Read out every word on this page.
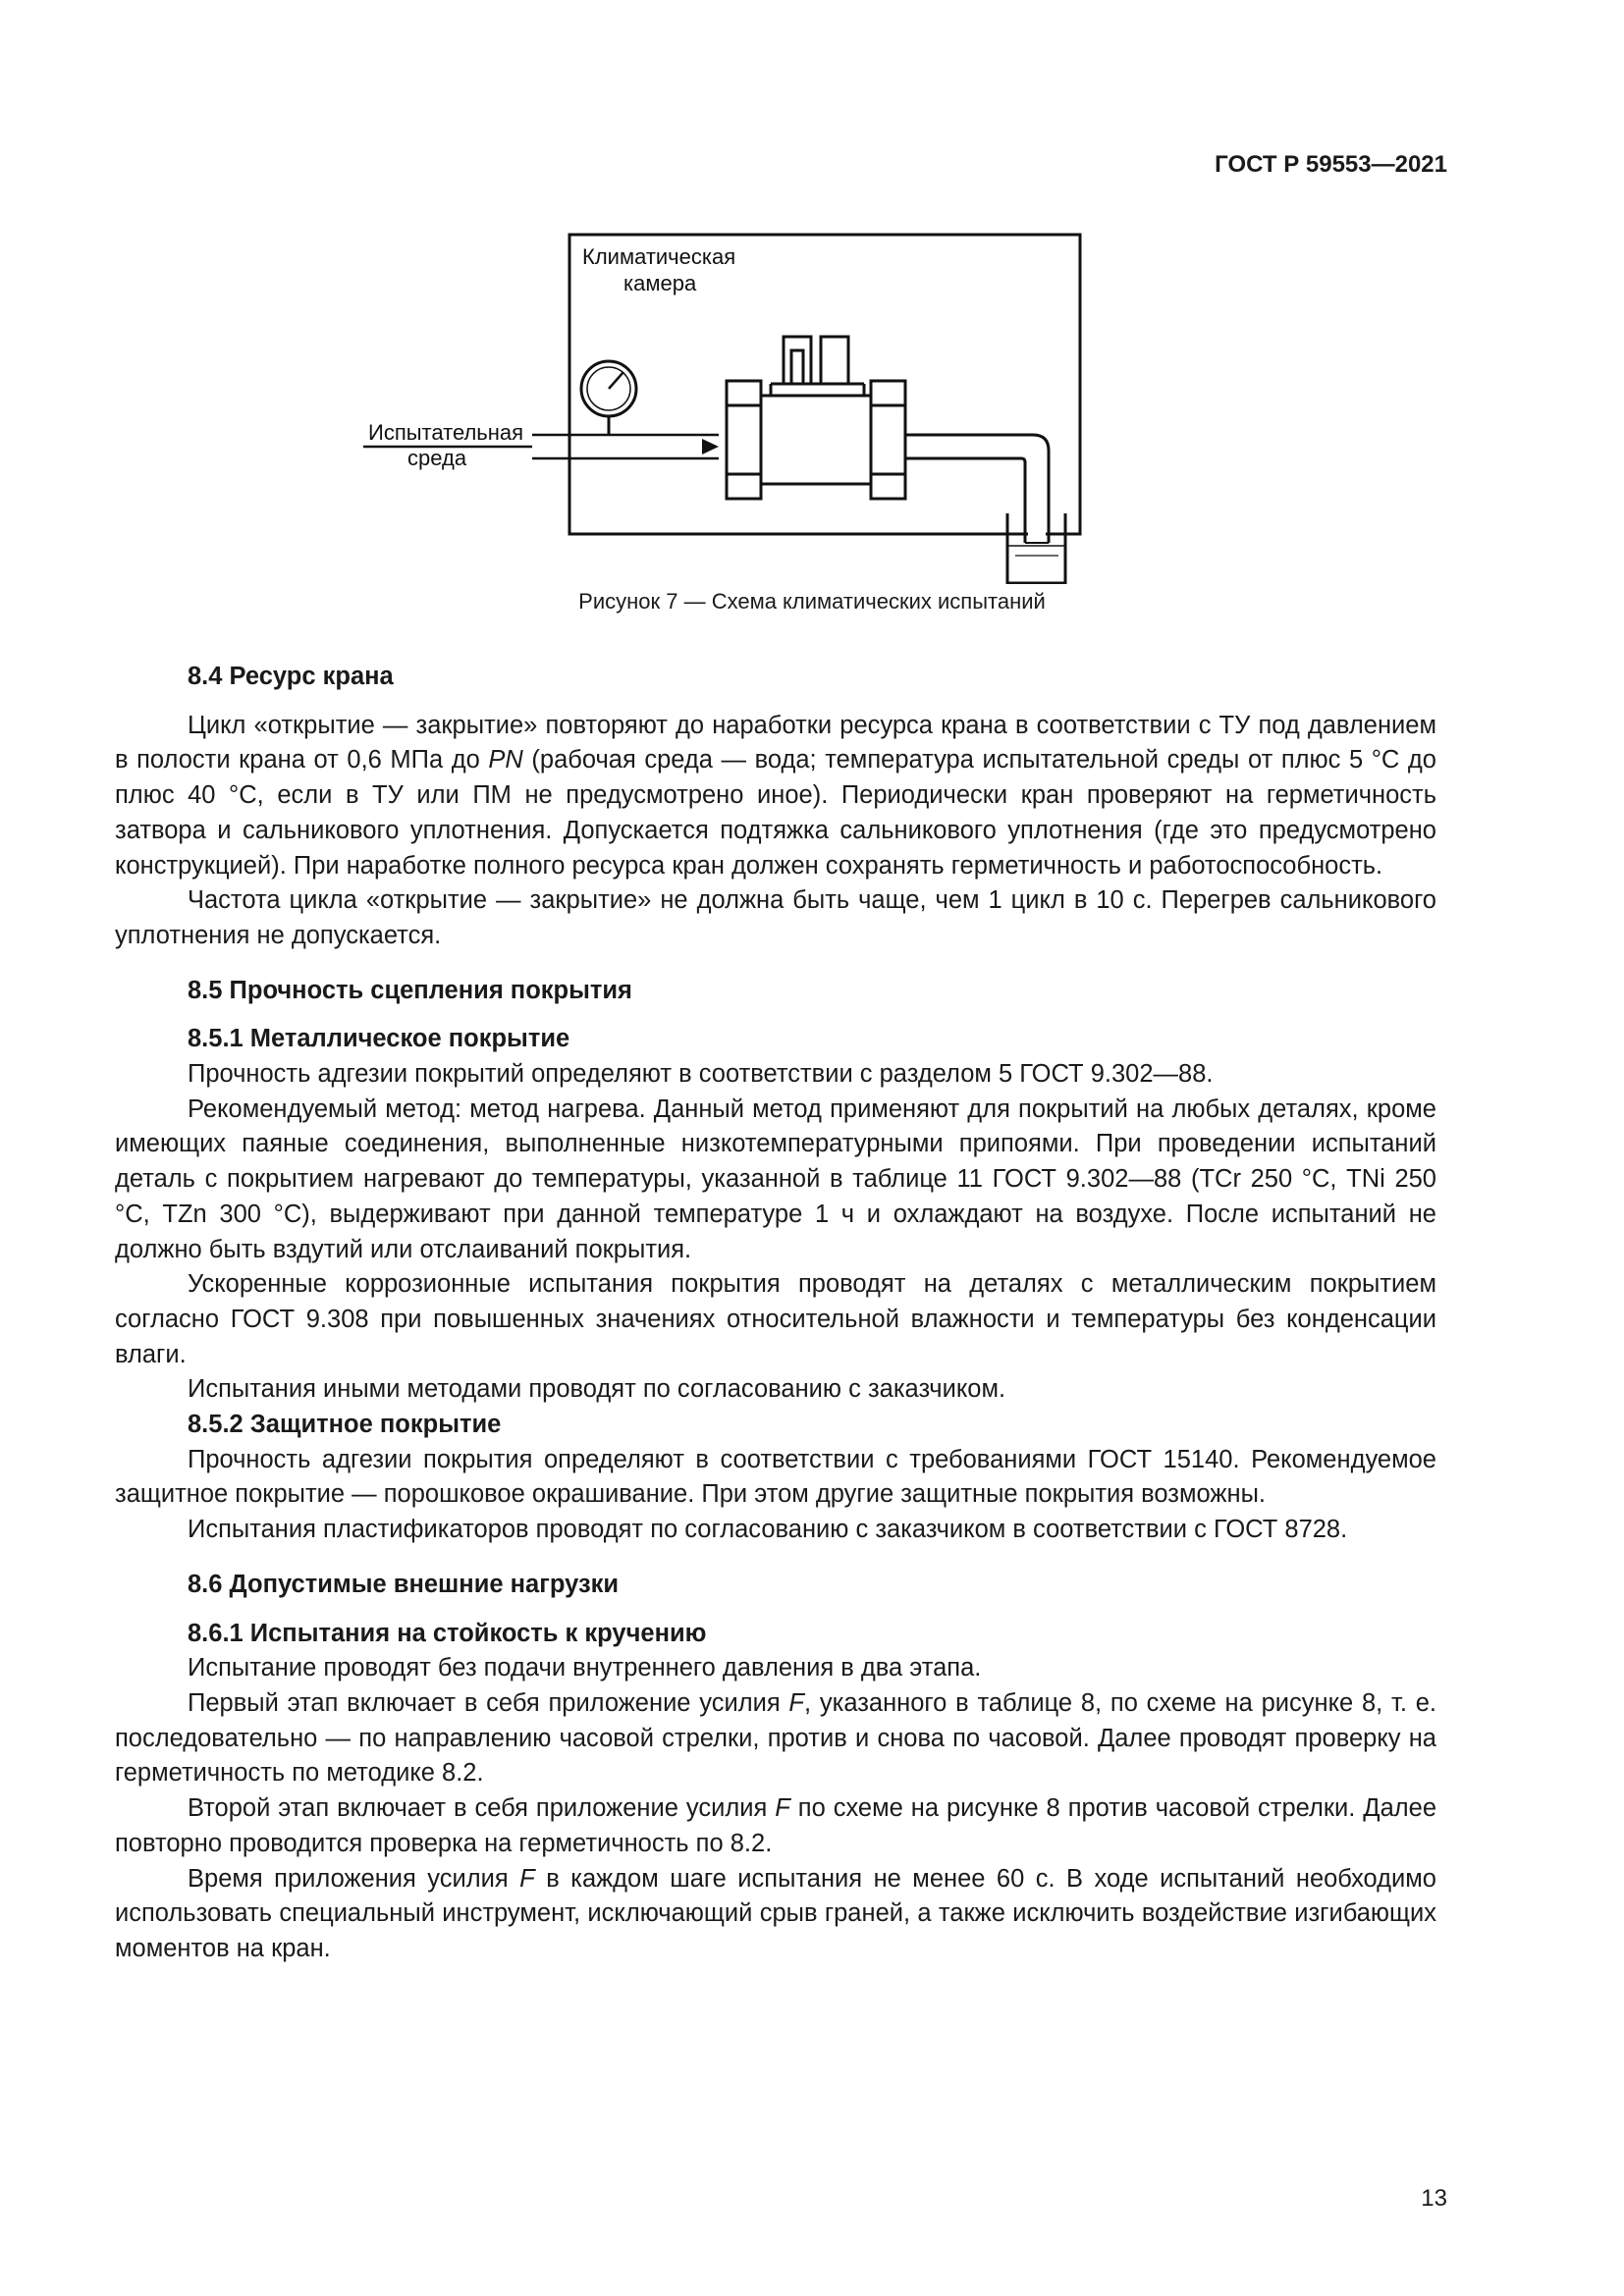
ГОСТ Р 59553—2021
Климатическая
камера
Испытательная
среда
Рисунок 7 — Схема климатических испытаний
8.4 Ресурс крана

Цикл «открытие — закрытие» повторяют до наработки ресурса крана в соответствии с ТУ под давлением в полости крана от 0,6 МПа до PN (рабочая среда — вода; температура испытательной среды от плюс 5 °С до плюс 40 °С, если в ТУ или ПМ не предусмотрено иное). Периодически кран проверяют на герметичность затвора и сальникового уплотнения. Допускается подтяжка сальникового уплотнения (где это предусмотрено конструкцией). При наработке полного ресурса кран должен сохранять герметичность и работоспособность.

Частота цикла «открытие — закрытие» не должна быть чаще, чем 1 цикл в 10 с. Перегрев сальникового уплотнения не допускается.

8.5 Прочность сцепления покрытия
8.5.1 Металлическое покрытие

Прочность адгезии покрытий определяют в соответствии с разделом 5 ГОСТ 9.302—88.

Рекомендуемый метод: метод нагрева. Данный метод применяют для покрытий на любых деталях, кроме имеющих паяные соединения, выполненные низкотемпературными припоями. При проведении испытаний деталь с покрытием нагревают до температуры, указанной в таблице 11 ГОСТ 9.302—88 (ТCr 250 °С, ТNi 250 °С, ТZn 300 °С), выдерживают при данной температуре 1 ч и охлаждают на воздухе. После испытаний не должно быть вздутий или отслаиваний покрытия.

Ускоренные коррозионные испытания покрытия проводят на деталях с металлическим покрытием согласно ГОСТ 9.308 при повышенных значениях относительной влажности и температуры без конденсации влаги.

Испытания иными методами проводят по согласованию с заказчиком.

8.5.2 Защитное покрытие

Прочность адгезии покрытия определяют в соответствии с требованиями ГОСТ 15140. Рекомендуемое защитное покрытие — порошковое окрашивание. При этом другие защитные покрытия возможны.

Испытания пластификаторов проводят по согласованию с заказчиком в соответствии с ГОСТ 8728.

8.6 Допустимые внешние нагрузки
8.6.1 Испытания на стойкость к кручению

Испытание проводят без подачи внутреннего давления в два этапа.

Первый этап включает в себя приложение усилия F, указанного в таблице 8, по схеме на рисунке 8, т. е. последовательно — по направлению часовой стрелки, против и снова по часовой. Далее проводят проверку на герметичность по методике 8.2.

Второй этап включает в себя приложение усилия F по схеме на рисунке 8 против часовой стрелки. Далее повторно проводится проверка на герметичность по 8.2.

Время приложения усилия F в каждом шаге испытания не менее 60 с. В ходе испытаний необходимо использовать специальный инструмент, исключающий срыв граней, а также исключить воздействие изгибающих моментов на кран.

13
